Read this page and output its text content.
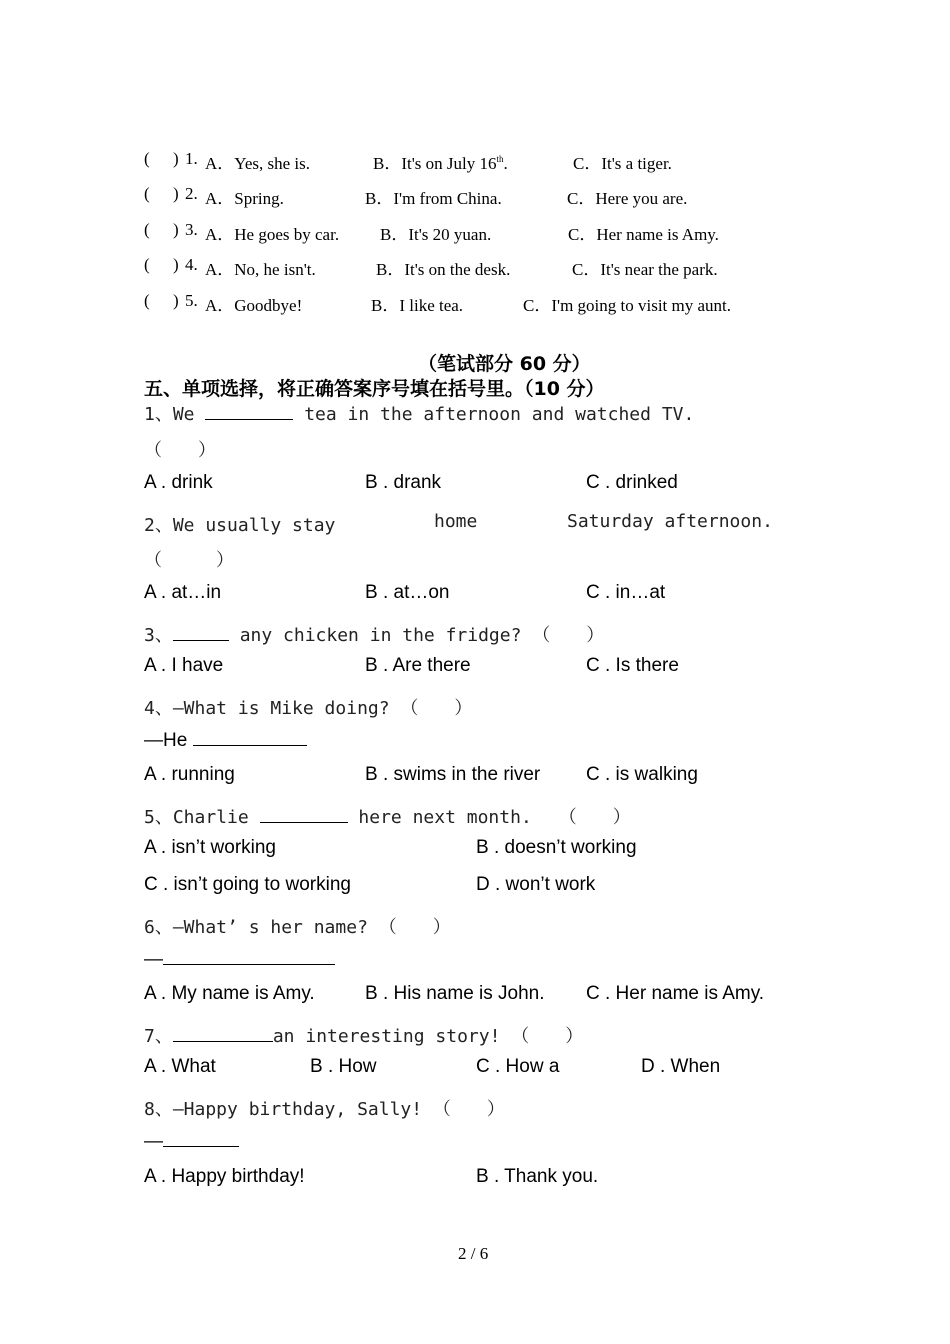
( ) 1. A．Yes, she is.	B．It's on July 16th.	C．It's a tiger.
( ) 2. A．Spring.	B．I'm from China.	C．Here you are.
( ) 3. A．He goes by car. B．It's 20 yuan.	C．Her name is Amy.
( ) 4. A．No, he isn't.	B．It's on the desk.	C．It's near the park.
( ) 5. A．Goodbye!	B．I like tea.	C．I'm going to visit my aunt.
（笔试部分 60 分）
五、单项选择，将正确答案序号填在括号里。（10 分）
1、We	tea in the afternoon and watched TV.
（　　）
A . drink	B . drank	C . drinked
2、We usually stay	home	Saturday afternoon.
（　　　）
A . at…in	B . at…on	C . in…at
3、	any chicken in the fridge? （　　）
A . I have	B . Are there	C . Is there
4、—What is Mike doing? （　　）
—He
A . running	B . swims in the river C . is walking
5、Charlie	here next month.　　（　　）
A . isn’t working	B . doesn’t working
C . isn’t going to working	D . won’t work
6、—What’ s her name? （　　）
—
A . My name is Amy.	B . His name is John. C . Her name is Amy.
7、	an interesting story! （　　）
A . What	B . How	C . How a	D . When
8、—Happy birthday, Sally! （　　）
—
A . Happy birthday!	B . Thank you.
2 / 6
